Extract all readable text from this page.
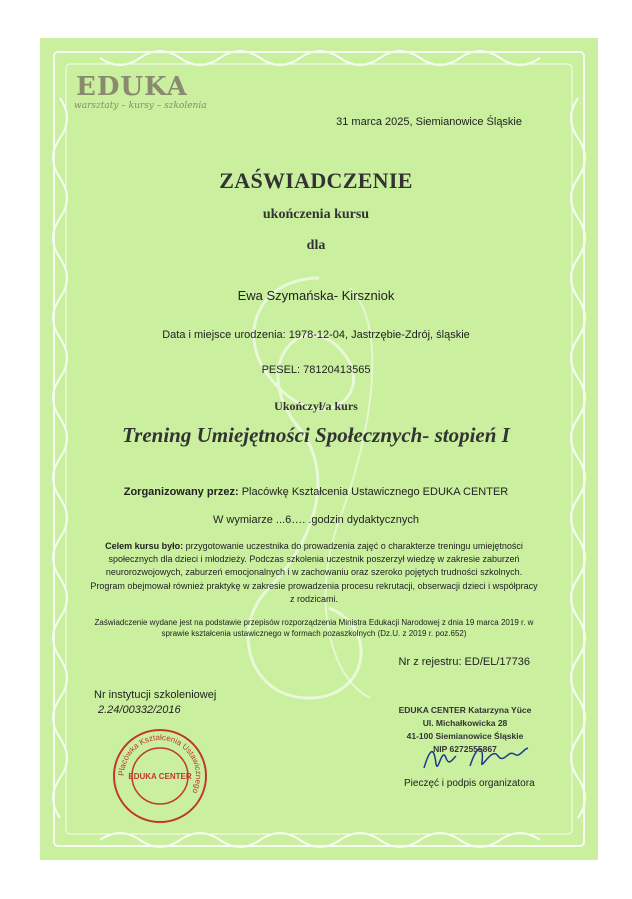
EDUKA
warsztaty – kursy – szkolenia
31 marca 2025, Siemianowice Śląskie
ZAŚWIADCZENIE
ukończenia kursu
dla
Ewa Szymańska- Kirszniok
Data i miejsce urodzenia: 1978-12-04, Jastrzębie-Zdrój, śląskie
PESEL: 78120413565
Ukończył/a kurs
Trening Umiejętności Społecznych- stopień I
Zorganizowany przez: Placówkę Kształcenia Ustawicznego EDUKA CENTER
W wymiarze ...6…. .godzin dydaktycznych
Celem kursu było: przygotowanie uczestnika do prowadzenia zajęć o charakterze treningu umiejętności społecznych dla dzieci i młodzieży. Podczas szkolenia uczestnik poszerzył wiedzę w zakresie zaburzeń neurorozwojowych, zaburzeń emocjonalnych i w zachowaniu oraz szeroko pojętych trudności szkolnych. Program obejmował również praktykę w zakresie prowadzenia procesu rekrutacji, obserwacji dzieci i współpracy z rodzicami.
Zaświadczenie wydane jest na podstawie przepisów rozporządzenia Ministra Edukacji Narodowej z dnia 19 marca 2019 r. w sprawie kształcenia ustawicznego w formach pozaszkolnych (Dz.U. z 2019 r. poz.652)
Nr z rejestru: ED/EL/17736
Nr instytucji szkoleniowej
2.24/00332/2016	EDUKA CENTER Katarzyna Yüce
Ul. Michałkowicka 28
41-100 Siemianowice Śląskie
NIP 6272555867
Pieczęć i podpis organizatora
Placówka Kształcenia Ustawicznego
EDUKA CENTER
